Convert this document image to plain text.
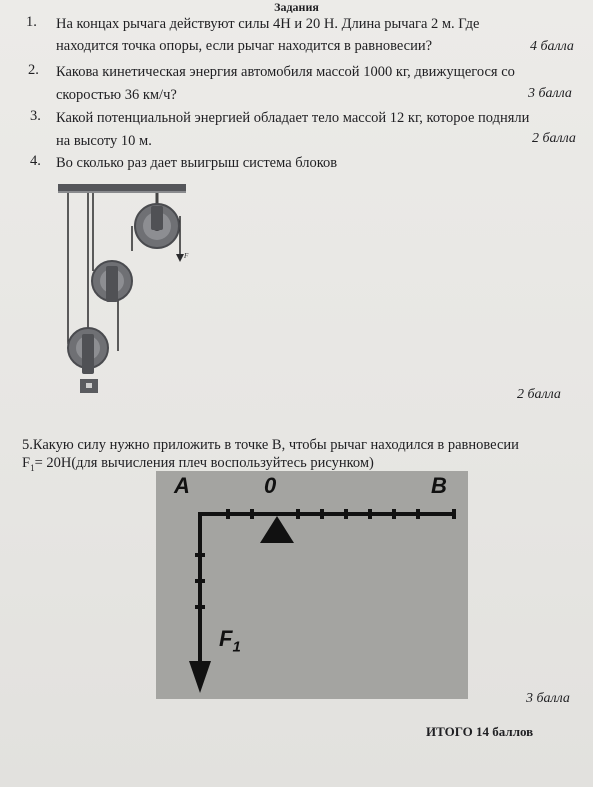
Задания
1. На концах рычага действуют силы 4Н и 20 Н. Длина рычага 2 м. Где
находится точка опоры, если рычаг находится в равновесии?	4 балла
2. Какова кинетическая энергия автомобиля массой 1000 кг, движущегося со
скоростью 36 км/ч?	3 балла
3. Какой потенциальной энергией обладает тело массой 12 кг, которое подняли
на высоту 10 м.	2 балла
4. Во сколько раз дает выигрыш система блоков
F
2 балла
5.Какую силу нужно приложить в точке В, чтобы рычаг находился в равновесии
$F_1= 20Н(для$ вычисления плеч воспользуйтесь рисунком)
A	0	B
$F_1$
3 балла
ИТОГО 14 баллов
